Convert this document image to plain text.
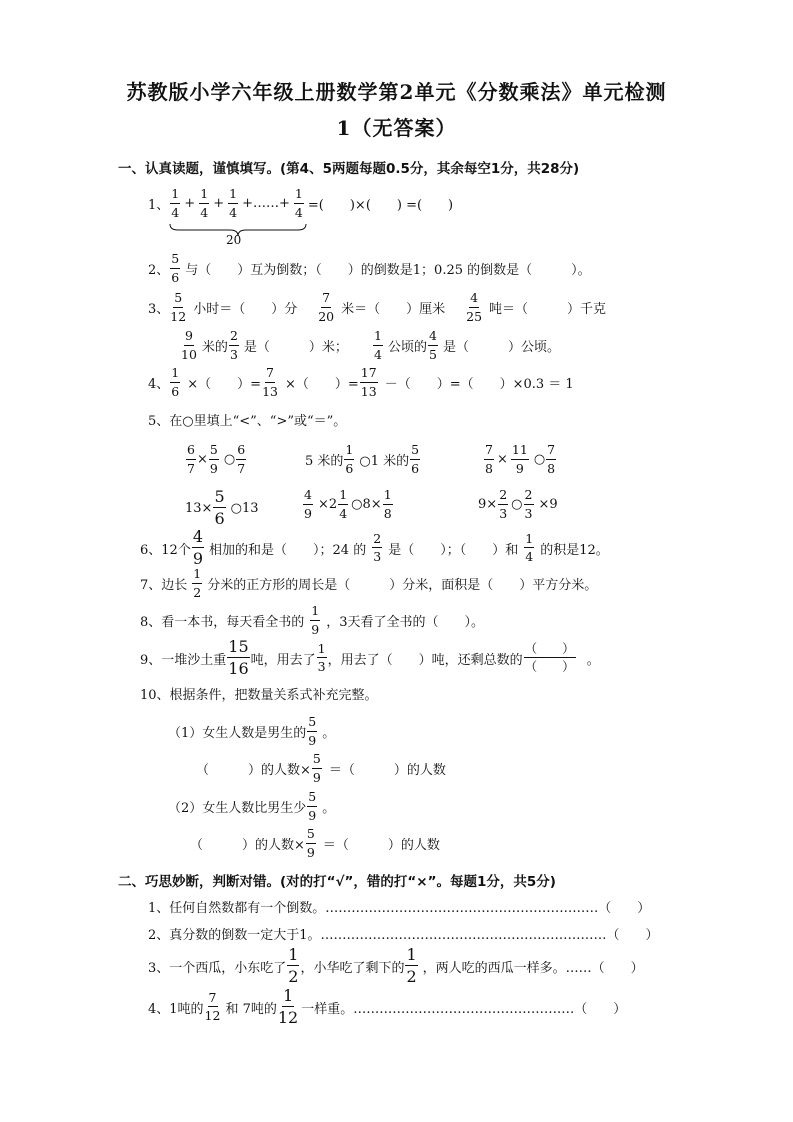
苏教版小学六年级上册数学第2单元《分数乘法》单元检测
1（无答案）
一、认真读题，谨慎填写。(第4、5两题每题0.5分，其余每空1分，共28分)
1、 $\frac{1}{4} + \frac{1}{4} + \frac{1}{4}$ +……+ $\frac{1}{4}$ =(　　)×(　　) =(　　)
20
2、 $\frac{5}{6}$ 与（　　）互为倒数；（　　）的倒数是1；0.25 的倒数是（　　　）。
3、 $\frac{5}{12}$ 小时＝（　　）分 $\frac{7}{20}$ 米＝（　　）厘米 $\frac{4}{25}$ 吨＝（　　　）千克
$\frac{9}{10}$ 米的 $\frac{2}{3}$ 是（　　　）米； $\frac{1}{4}$ 公顷的 $\frac{4}{5}$ 是（　　　）公顷。
4、 $\frac{1}{6}$ ×（　　）= $\frac{7}{13}$ ×（　　）= $\frac{17}{13}$ －（　　）=（　　）×0.3 ＝ 1
5、 在○里填上“<”、“>”或“＝”。
$\frac{6}{7} \times \frac{5}{9}$ ○ $\frac{6}{7}$	5 米的 $\frac{1}{6}$ ○1 米的 $\frac{5}{6}$	$\frac{7}{8} \times \frac{11}{9}$ ○ $\frac{7}{8}$
$13\times \frac{5}{6}$ ○13	$\frac{4}{9} \times 2 \frac{1}{4}$ ○8× $\frac{1}{8}$	$9\times \frac{2}{3}$ ○ $\frac{2}{3} \times 9$
6、12个 $\frac{4}{9}$ 相加的和是（　　）；24 的 $\frac{2}{3}$ 是（　　）；（　　）和 $\frac{1}{4}$ 的积是12。
7、边长 $\frac{1}{2}$ 分米的正方形的周长是（　　　）分米，面积是（　　）平方分米。
8、看一本书，每天看全书的 $\frac{1}{9}$ ，3天看了全书的（　　）。
9、一堆沙土重 $\frac{15}{16}$ 吨，用去了 $\frac{1}{3}$ ，用去了（　　）吨，还剩总数的 $\frac{( )}{( )}$ 。
10、根据条件，把数量关系式补充完整。
（1）女生人数是男生的 $\frac{5}{9}$ 。
（　　　）的人数× $\frac{5}{9}$ ＝（　　　）的人数
（2）女生人数比男生少 $\frac{5}{9}$ 。
（　　　）的人数× $\frac{5}{9}$ ＝（　　　）的人数
二、巧思妙断，判断对错。(对的打“√”，错的打“×”。每题1分，共5分)
1、任何自然数都有一个倒数。………………………………………………………（　　）
2、真分数的倒数一定大于1。…………………………………………………………（　　）
3、一个西瓜，小东吃了 $\frac{1}{2}$ ，小华吃了剩下的 $\frac{1}{2}$ ，两人吃的西瓜一样多。……（　　）
4、1吨的 $\frac{7}{12}$ 和 7吨的 $\frac{1}{12}$ 一样重。……………………………………………（　　）
